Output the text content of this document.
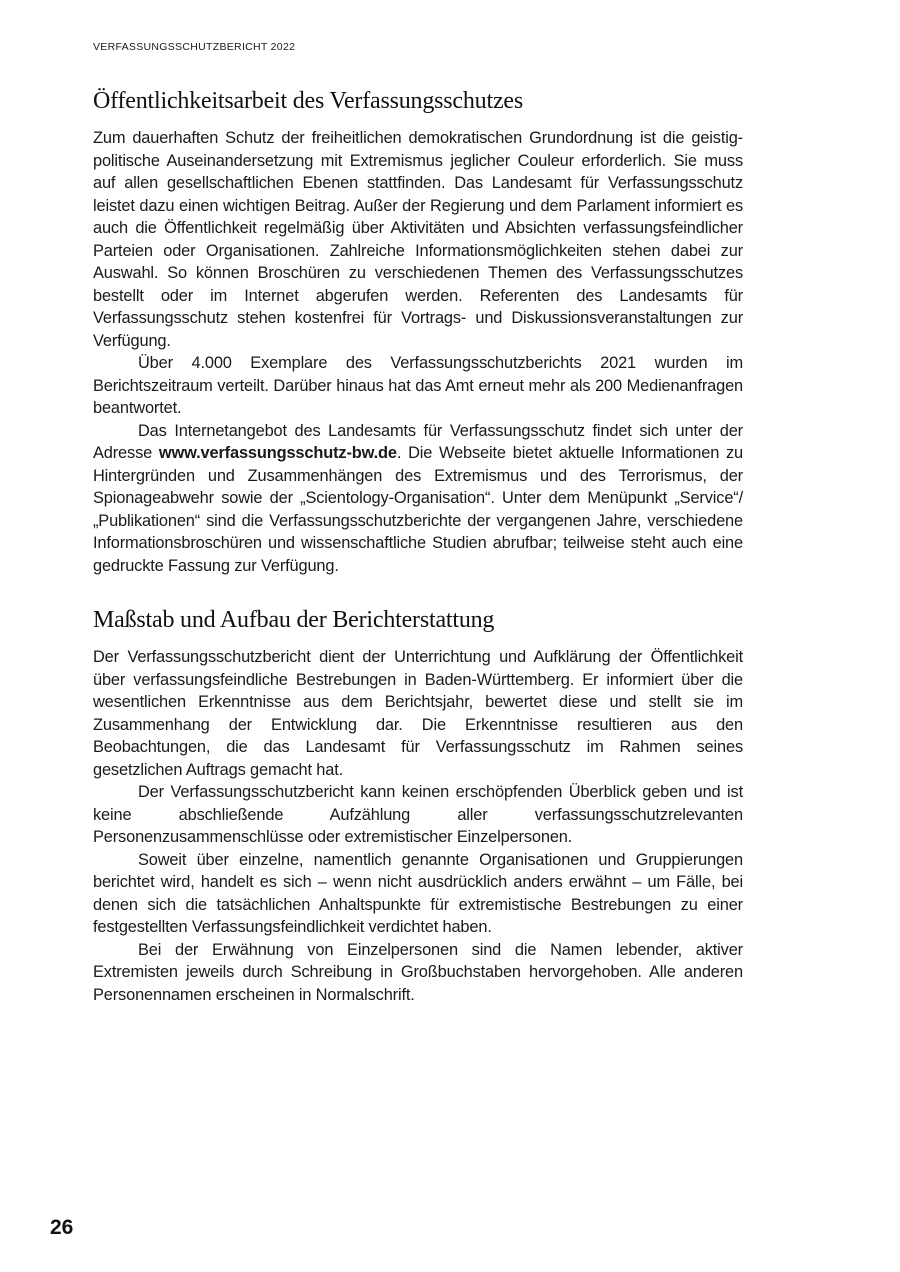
VERFASSUNGSSCHUTZBERICHT 2022
Öffentlichkeitsarbeit des Verfassungsschutzes

Zum dauerhaften Schutz der freiheitlichen demokratischen Grundordnung ist die geistig-politische Auseinandersetzung mit Extremismus jeglicher Couleur erforderlich. Sie muss auf allen gesellschaftlichen Ebenen stattfinden. Das Landesamt für Verfassungsschutz leistet dazu einen wichtigen Beitrag. Außer der Regierung und dem Parlament informiert es auch die Öffentlichkeit regelmäßig über Aktivitäten und Absichten verfassungsfeindlicher Parteien oder Organisationen. Zahlreiche Informationsmöglichkeiten stehen dabei zur Auswahl. So können Broschüren zu verschiedenen Themen des Verfassungsschutzes bestellt oder im Internet abgerufen werden. Referenten des Landesamts für Verfassungsschutz stehen kostenfrei für Vortrags- und Diskussionsveranstaltungen zur Verfügung.

Über 4.000 Exemplare des Verfassungsschutzberichts 2021 wurden im Berichtszeitraum verteilt. Darüber hinaus hat das Amt erneut mehr als 200 Medienanfragen beantwortet.

Das Internetangebot des Landesamts für Verfassungsschutz findet sich unter der Adresse www.verfassungsschutz-bw.de. Die Webseite bietet aktuelle Informationen zu Hintergründen und Zusammenhängen des Extremismus und des Terrorismus, der Spionageabwehr sowie der „Scientology-Organisation“. Unter dem Menüpunkt „Service“/„Publikationen“ sind die Verfassungsschutzberichte der vergangenen Jahre, verschiedene Informationsbroschüren und wissenschaftliche Studien abrufbar; teilweise steht auch eine gedruckte Fassung zur Verfügung.

Maßstab und Aufbau der Berichterstattung

Der Verfassungsschutzbericht dient der Unterrichtung und Aufklärung der Öffentlichkeit über verfassungsfeindliche Bestrebungen in Baden-Württemberg. Er informiert über die wesentlichen Erkenntnisse aus dem Berichtsjahr, bewertet diese und stellt sie im Zusammenhang der Entwicklung dar. Die Erkenntnisse resultieren aus den Beobachtungen, die das Landesamt für Verfassungsschutz im Rahmen seines gesetzlichen Auftrags gemacht hat.

Der Verfassungsschutzbericht kann keinen erschöpfenden Überblick geben und ist keine abschließende Aufzählung aller verfassungsschutzrelevanten Personenzusammenschlüsse oder extremistischer Einzelpersonen.

Soweit über einzelne, namentlich genannte Organisationen und Gruppierungen berichtet wird, handelt es sich – wenn nicht ausdrücklich anders erwähnt – um Fälle, bei denen sich die tatsächlichen Anhaltspunkte für extremistische Bestrebungen zu einer festgestellten Verfassungsfeindlichkeit verdichtet haben.

Bei der Erwähnung von Einzelpersonen sind die Namen lebender, aktiver Extremisten jeweils durch Schreibung in Großbuchstaben hervorgehoben. Alle anderen Personennamen erscheinen in Normalschrift.

26
